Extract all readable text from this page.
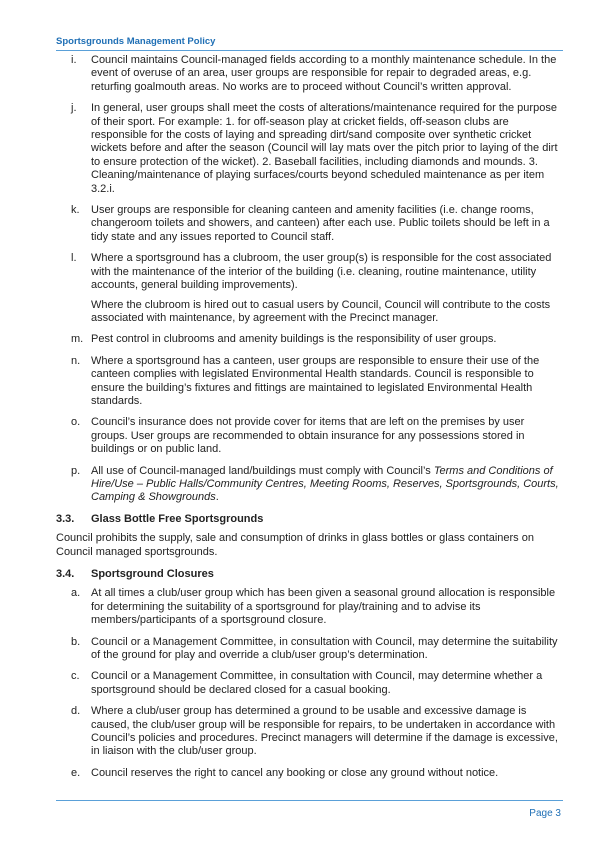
Sportsgrounds Management Policy
i.	Council maintains Council-managed fields according to a monthly maintenance schedule. In the event of overuse of an area, user groups are responsible for repair to degraded areas, e.g. returfing goalmouth areas. No works are to proceed without Council’s written approval.
j.	In general, user groups shall meet the costs of alterations/maintenance required for the purpose of their sport. For example: 1. for off-season play at cricket fields, off-season clubs are responsible for the costs of laying and spreading dirt/sand composite over synthetic cricket wickets before and after the season (Council will lay mats over the pitch prior to laying of the dirt to ensure protection of the wicket). 2. Baseball facilities, including diamonds and mounds. 3. Cleaning/maintenance of playing surfaces/courts beyond scheduled maintenance as per item 3.2.i.
k.	User groups are responsible for cleaning canteen and amenity facilities (i.e. change rooms, changeroom toilets and showers, and canteen) after each use. Public toilets should be left in a tidy state and any issues reported to Council staff.
l.	Where a sportsground has a clubroom, the user group(s) is responsible for the cost associated with the maintenance of the interior of the building (i.e. cleaning, routine maintenance, utility accounts, general building improvements).
Where the clubroom is hired out to casual users by Council, Council will contribute to the costs associated with maintenance, by agreement with the Precinct manager.
m. Pest control in clubrooms and amenity buildings is the responsibility of user groups.
n. Where a sportsground has a canteen, user groups are responsible to ensure their use of the canteen complies with legislated Environmental Health standards. Council is responsible to ensure the building’s fixtures and fittings are maintained to legislated Environmental Health standards.
o. Council’s insurance does not provide cover for items that are left on the premises by user groups. User groups are recommended to obtain insurance for any possessions stored in buildings or on public land.
p. All use of Council-managed land/buildings must comply with Council’s Terms and Conditions of Hire/Use – Public Halls/Community Centres, Meeting Rooms, Reserves, Sportsgrounds, Courts, Camping & Showgrounds.
3.3.	Glass Bottle Free Sportsgrounds

Council prohibits the supply, sale and consumption of drinks in glass bottles or glass containers on Council managed sportsgrounds.

3.4.	Sportsground Closures
a. At all times a club/user group which has been given a seasonal ground allocation is responsible for determining the suitability of a sportsground for play/training and to advise its members/participants of a sportsground closure.
b. Council or a Management Committee, in consultation with Council, may determine the suitability of the ground for play and override a club/user group’s determination.
c.	Council or a Management Committee, in consultation with Council, may determine whether a sportsground should be declared closed for a casual booking.
d. Where a club/user group has determined a ground to be usable and excessive damage is caused, the club/user group will be responsible for repairs, to be undertaken in accordance with Council’s policies and procedures. Precinct managers will determine if the damage is excessive, in liaison with the club/user group.
e. Council reserves the right to cancel any booking or close any ground without notice.
Page 3
